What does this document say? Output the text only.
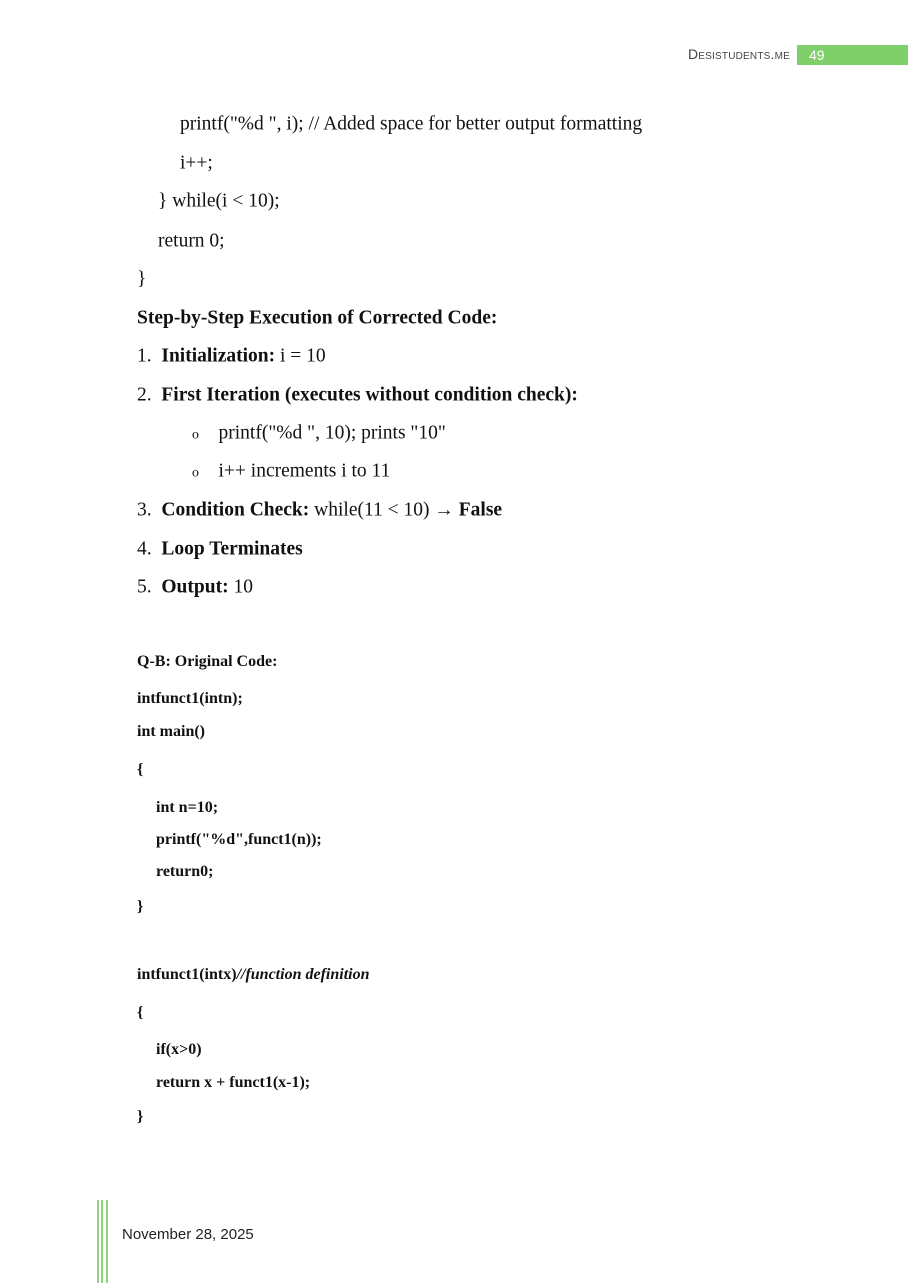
Desistudents.me	49
printf("%d ", i); // Added space for better output formatting
i++;
} while(i < 10);
return 0;
}
Step-by-Step Execution of Corrected Code:
1. Initialization: i = 10
2. First Iteration (executes without condition check):
o printf("%d ", 10); prints "10"
o i++ increments i to 11
3. Condition Check: while(11 < 10) → False
4. Loop Terminates
5. Output: 10
Q-B: Original Code:
intfunct1(intn);
int main()
{
int n=10;
printf("%d",funct1(n));
return0;
}
intfunct1(intx)//function definition
{
if(x>0)
return x + funct1(x-1);
}
November 28, 2025
